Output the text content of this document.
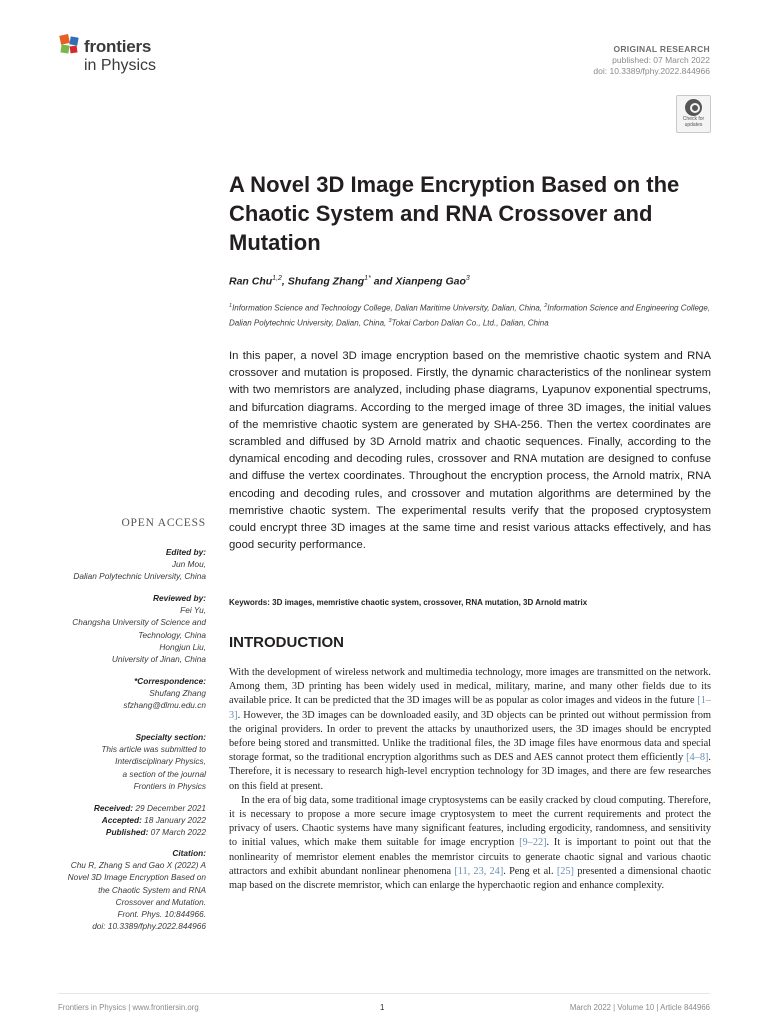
frontiers
in Physics
ORIGINAL RESEARCH
published: 07 March 2022
doi: 10.3389/fphy.2022.844966
Check for updates
A Novel 3D Image Encryption Based on the Chaotic System and RNA Crossover and Mutation
Ran Chu$^{1,2}$, Shufang Zhang$^{1*}$ and Xianpeng Gao$^3$
$^1$Information Science and Technology College, Dalian Maritime University, Dalian, China, $^2$Information Science and Engineering College, Dalian Polytechnic University, Dalian, China, $^3$Tokai Carbon Dalian Co., Ltd., Dalian, China
In this paper, a novel 3D image encryption based on the memristive chaotic system and RNA crossover and mutation is proposed. Firstly, the dynamic characteristics of the nonlinear system with two memristors are analyzed, including phase diagrams, Lyapunov exponential spectrums, and bifurcation diagrams. According to the merged image of three 3D images, the initial values of the memristive chaotic system are generated by SHA-256. Then the vertex coordinates are scrambled and diffused by 3D Arnold matrix and chaotic sequences. Finally, according to the dynamical encoding and decoding rules, crossover and RNA mutation are designed to confuse and diffuse the vertex coordinates. Throughout the encryption process, the Arnold matrix, RNA encoding and decoding rules, and crossover and mutation algorithms are determined by the memristive chaotic system. The experimental results verify that the proposed cryptosystem could encrypt three 3D images at the same time and resist various attacks effectively, and has good security performance.
Keywords: 3D images, memristive chaotic system, crossover, RNA mutation, 3D Arnold matrix
INTRODUCTION

With the development of wireless network and multimedia technology, more images are transmitted on the network. Among them, 3D printing has been widely used in medical, military, marine, and many other fields due to its available price. It can be predicted that the 3D images will be as popular as color images and videos in the future [1–3]. However, the 3D images can be downloaded easily, and 3D objects can be printed out without permission from the original providers. In order to prevent the attacks by unauthorized users, the 3D images should be encrypted before being stored and transmitted. Unlike the traditional files, the 3D image files have enormous data and special storage format, so the traditional encryption algorithms such as DES and AES cannot protect them efficiently [4–8]. Therefore, it is necessary to research high-level encryption technology for 3D images, and there are few researches on this field at present.

In the era of big data, some traditional image cryptosystems can be easily cracked by cloud computing. Therefore, it is necessary to propose a more secure image cryptosystem to meet the current requirements and protect the privacy of users. Chaotic systems have many significant features, including ergodicity, randomness, and sensitivity to initial values, which make them suitable for image encryption [9–22]. It is important to point out that the nonlinearity of memristor element enables the memristor circuits to generate chaotic signal and various chaotic attractors and exhibit abundant nonlinear phenomena [11, 23, 24]. Peng et al. [25] presented a dimensional chaotic map based on the discrete memristor, which can enlarge the hyperchaotic region and enhance complexity.

OPEN ACCESS
Edited by:
Jun Mou,
Dalian Polytechnic University, China
Reviewed by:
Fei Yu,
Changsha University of Science and
Technology, China
Hongjun Liu,
University of Jinan, China
*Correspondence:
Shufang Zhang
sfzhang@dlmu.edu.cn
Specialty section:
This article was submitted to
Interdisciplinary Physics,
a section of the journal
Frontiers in Physics
Received: 29 December 2021
Accepted: 18 January 2022
Published: 07 March 2022
Citation:
Chu R, Zhang S and Gao X (2022) A
Novel 3D Image Encryption Based on
the Chaotic System and RNA
Crossover and Mutation.
Front. Phys. 10:844966.
doi: 10.3389/fphy.2022.844966
Frontiers in Physics | www.frontiersin.org	1	March 2022 | Volume 10 | Article 844966
